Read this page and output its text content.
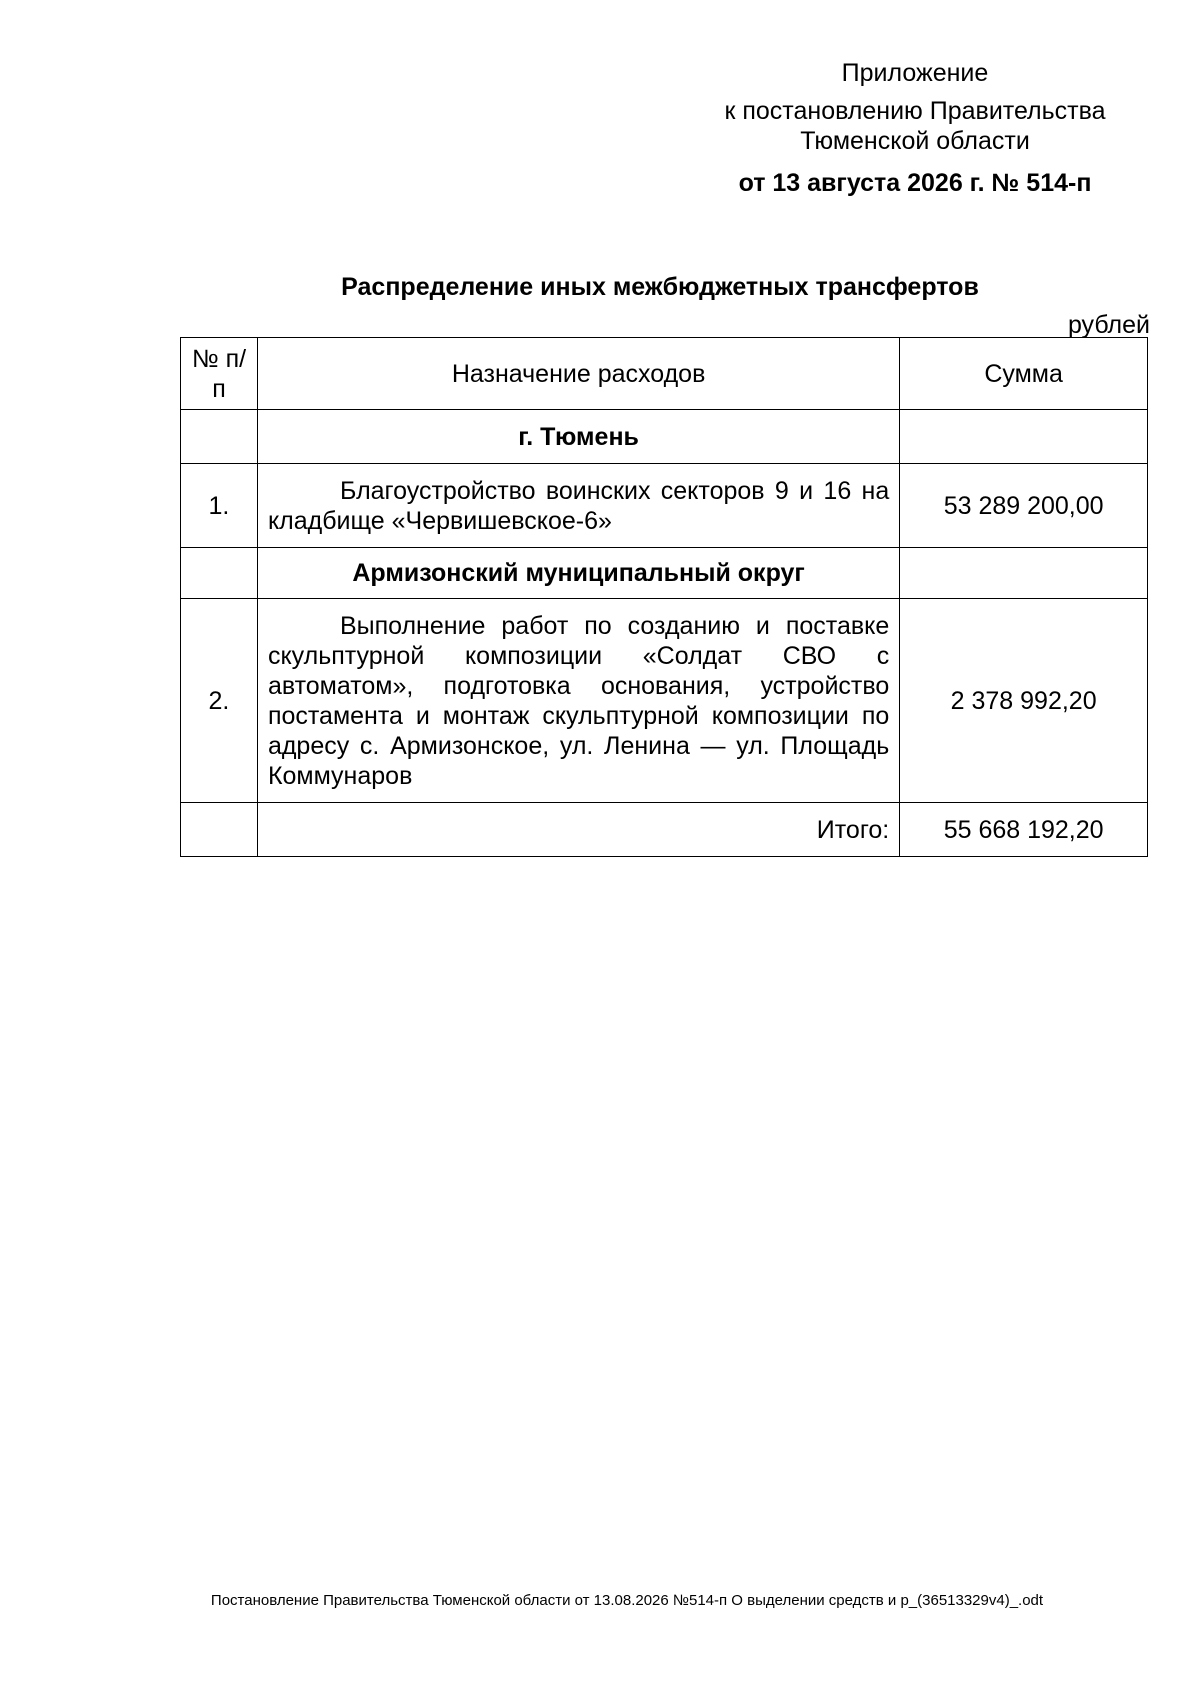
Приложение
к постановлению Правительства
Тюменской области
от 13 августа 2026 г. № 514-п
Распределение иных межбюджетных трансфертов
рублей
№ п/п	Назначение расходов	Сумма
	г. Тюмень	
1.	Благоустройство воинских секторов 9 и 16 на кладбище «Червишевское-6»	53 289 200,00
	Армизонский муниципальный округ	
2.	Выполнение работ по созданию и поставке скульптурной композиции «Солдат СВО с автоматом», подготовка основания, устройство постамента и монтаж скульптурной композиции по адресу с. Армизонское, ул. Ленина — ул. Площадь Коммунаров	2 378 992,20
	Итого:	55 668 192,20
Постановление Правительства Тюменской области от 13.08.2026 №514-п О выделении средств и р_(36513329v4)_.odt
